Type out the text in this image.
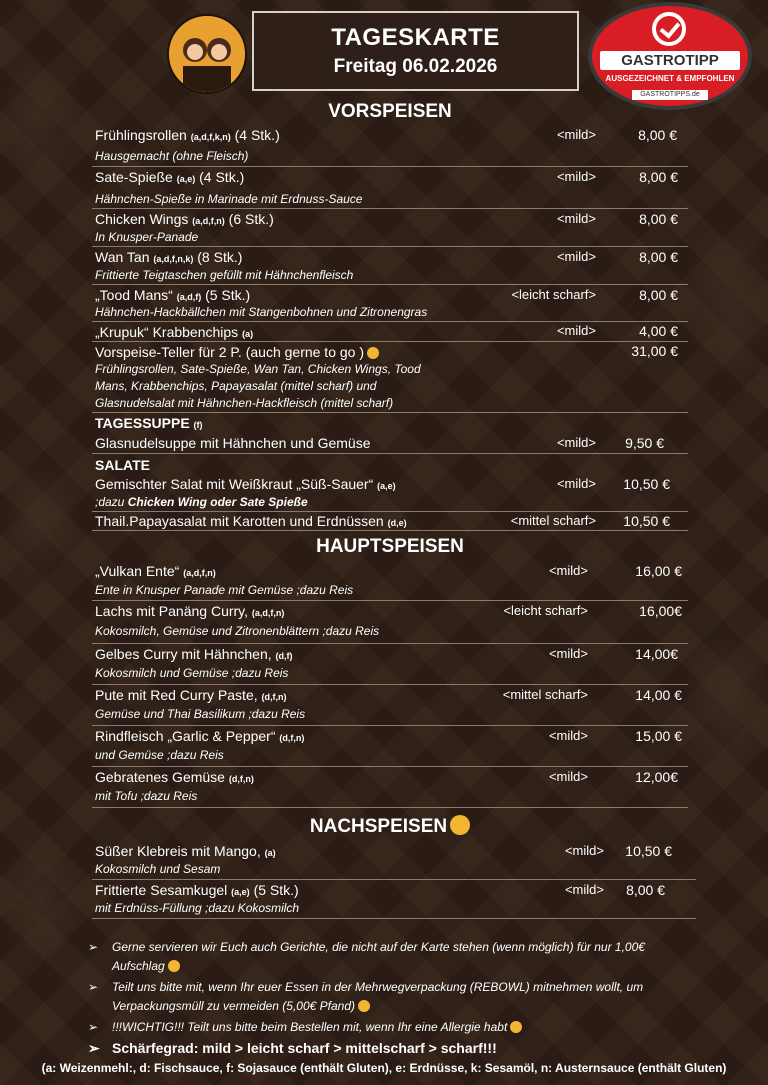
TAGESKARTE
Freitag 06.02.2026	GASTROTIPP
AUSGEZEICHNET & EMPFOHLEN
GASTROTIPPS.de
VORSPEISEN
Frühlingsrollen (a,d,f,k,n) (4 Stk.)	<mild>	8,00 €
Hausgemacht (ohne Fleisch)
Sate-Spieße (a,e) (4 Stk.)	<mild>	8,00 €
Hähnchen-Spieße in Marinade mit Erdnuss-Sauce
Chicken Wings (a,d,f,n) (6 Stk.)	<mild>	8,00 €
In Knusper-Panade
Wan Tan (a,d,f,n,k) (8 Stk.)	<mild>	8,00 €
Frittierte Teigtaschen gefüllt mit Hähnchenfleisch
„Tood Mans“ (a,d,f) (5 Stk.)	<leicht scharf>	8,00 €
Hähnchen-Hackbällchen mit Stangenbohnen und Zitronengras
„Krupuk“ Krabbenchips (a)	<mild>	4,00 €
Vorspeise-Teller für 2 P. (auch gerne to go )	31,00 €
Frühlingsrollen, Sate-Spieße, Wan Tan, Chicken Wings, Tood Mans, Krabbenchips, Papayasalat (mittel scharf) und Glasnudelsalat mit Hähnchen-Hackfleisch (mittel scharf)
TAGESSUPPE (f)
Glasnudelsuppe mit Hähnchen und Gemüse	<mild> 9,50 €
SALATE
Gemischter Salat mit Weißkraut „Süß-Sauer“ (a,e)	<mild> 10,50 €
;dazu Chicken Wing oder Sate Spieße
Thail.Papayasalat mit Karotten und Erdnüssen (d,e)	<mittel scharf> 10,50 €
HAUPTSPEISEN
„Vulkan Ente“ (a,d,f,n)	<mild>	16,00 €
Ente in Knusper Panade mit Gemüse ;dazu Reis
Lachs mit Panäng Curry, (a,d,f,n)	<leicht scharf>	16,00€
Kokosmilch, Gemüse und Zitronenblättern ;dazu Reis
Gelbes Curry mit Hähnchen, (d,f)	<mild>	14,00€
Kokosmilch und Gemüse ;dazu Reis
Pute mit Red Curry Paste, (d,f,n)	<mittel scharf>	14,00 €
Gemüse und Thai Basilikum ;dazu Reis
Rindfleisch „Garlic & Pepper“ (d,f,n)	<mild>	15,00 €
und Gemüse ;dazu Reis
Gebratenes Gemüse (d,f,n)	<mild>	12,00€
mit Tofu ;dazu Reis
NACHSPEISEN
Süßer Klebreis mit Mango, (a)	<mild> 10,50 €
Kokosmilch und Sesam
Frittierte Sesamkugel (a,e) (5 Stk.)	<mild> 8,00 €
mit Erdnüss-Füllung ;dazu Kokosmilch
➢ Gerne servieren wir Euch auch Gerichte, die nicht auf der Karte stehen (wenn möglich) für nur 1,00€ Aufschlag
➢ Teilt uns bitte mit, wenn Ihr euer Essen in der Mehrwegverpackung (REBOWL) mitnehmen wollt, um Verpackungsmüll zu vermeiden (5,00€ Pfand)
➢ !!!WICHTIG!!! Teilt uns bitte beim Bestellen mit, wenn Ihr eine Allergie habt
➢ Schärfegrad: mild > leicht scharf > mittelscharf > scharf!!!
(a: Weizenmehl:, d: Fischsauce, f: Sojasauce (enthält Gluten), e: Erdnüsse, k: Sesamöl, n: Austernsauce (enthält Gluten)
